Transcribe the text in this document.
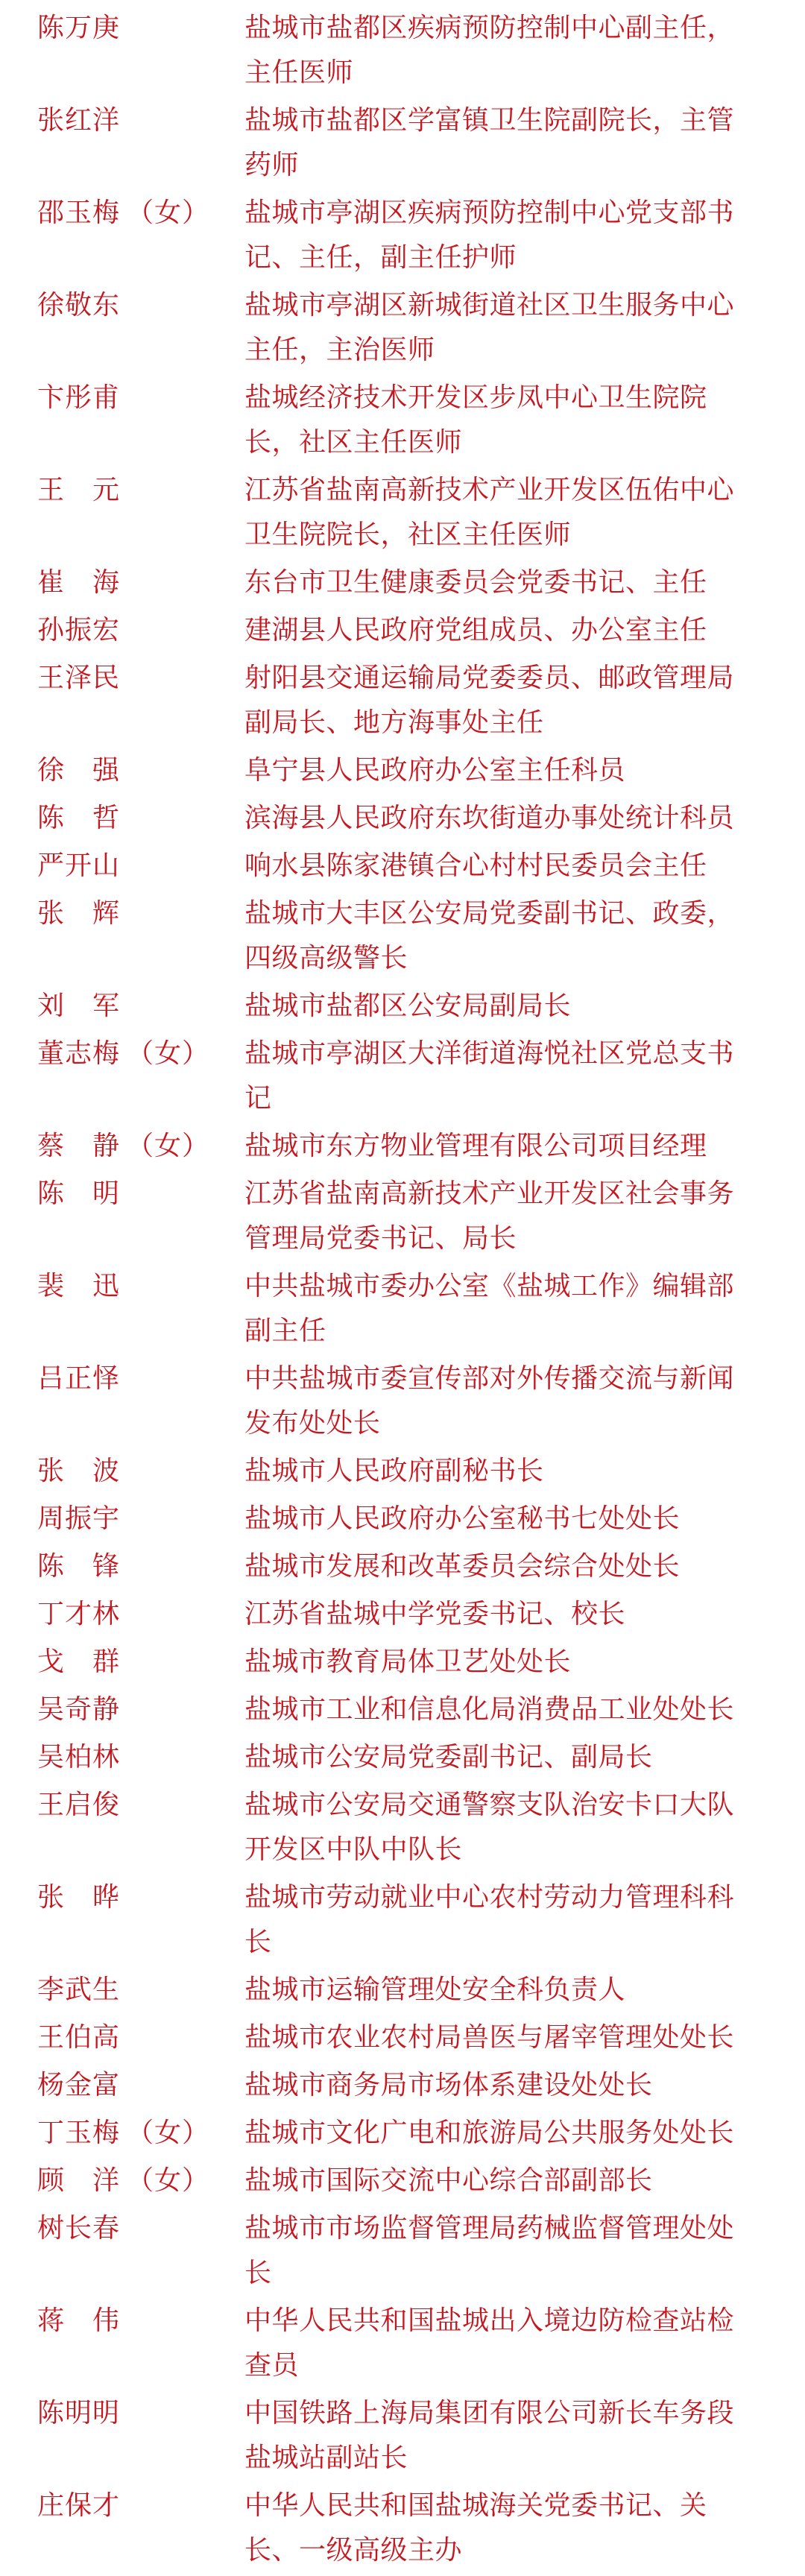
陈万庚	盐城市盐都区疾病预防控制中心副主任，主任医师
张红洋	盐城市盐都区学富镇卫生院副院长，主管药师
邵玉梅 （女）	盐城市亭湖区疾病预防控制中心党支部书记、主任，副主任护师
徐敬东	盐城市亭湖区新城街道社区卫生服务中心主任，主治医师
卞彤甫	盐城经济技术开发区步凤中心卫生院院长，社区主任医师
王　元	江苏省盐南高新技术产业开发区伍佑中心卫生院院长，社区主任医师
崔　海	东台市卫生健康委员会党委书记、主任
孙振宏	建湖县人民政府党组成员、办公室主任
王泽民	射阳县交通运输局党委委员、邮政管理局副局长、地方海事处主任
徐　强	阜宁县人民政府办公室主任科员
陈　哲	滨海县人民政府东坎街道办事处统计科员
严开山	响水县陈家港镇合心村村民委员会主任
张　辉	盐城市大丰区公安局党委副书记、政委，四级高级警长
刘　军	盐城市盐都区公安局副局长
董志梅 （女）	盐城市亭湖区大洋街道海悦社区党总支书记
蔡　静 （女）	盐城市东方物业管理有限公司项目经理
陈　明	江苏省盐南高新技术产业开发区社会事务管理局党委书记、局长
裴　迅	中共盐城市委办公室《盐城工作》编辑部副主任
吕正怿	中共盐城市委宣传部对外传播交流与新闻发布处处长
张　波	盐城市人民政府副秘书长
周振宇	盐城市人民政府办公室秘书七处处长
陈　锋	盐城市发展和改革委员会综合处处长
丁才林	江苏省盐城中学党委书记、校长
戈　群	盐城市教育局体卫艺处处长
吴奇静	盐城市工业和信息化局消费品工业处处长
吴柏林	盐城市公安局党委副书记、副局长
王启俊	盐城市公安局交通警察支队治安卡口大队开发区中队中队长
张　晔	盐城市劳动就业中心农村劳动力管理科科长
李武生	盐城市运输管理处安全科负责人
王伯高	盐城市农业农村局兽医与屠宰管理处处长
杨金富	盐城市商务局市场体系建设处处长
丁玉梅 （女）	盐城市文化广电和旅游局公共服务处处长
顾　洋 （女）	盐城市国际交流中心综合部副部长
树长春	盐城市市场监督管理局药械监督管理处处长
蒋　伟	中华人民共和国盐城出入境边防检查站检查员
陈明明	中国铁路上海局集团有限公司新长车务段盐城站副站长
庄保才	中华人民共和国盐城海关党委书记、关长、一级高级主办
